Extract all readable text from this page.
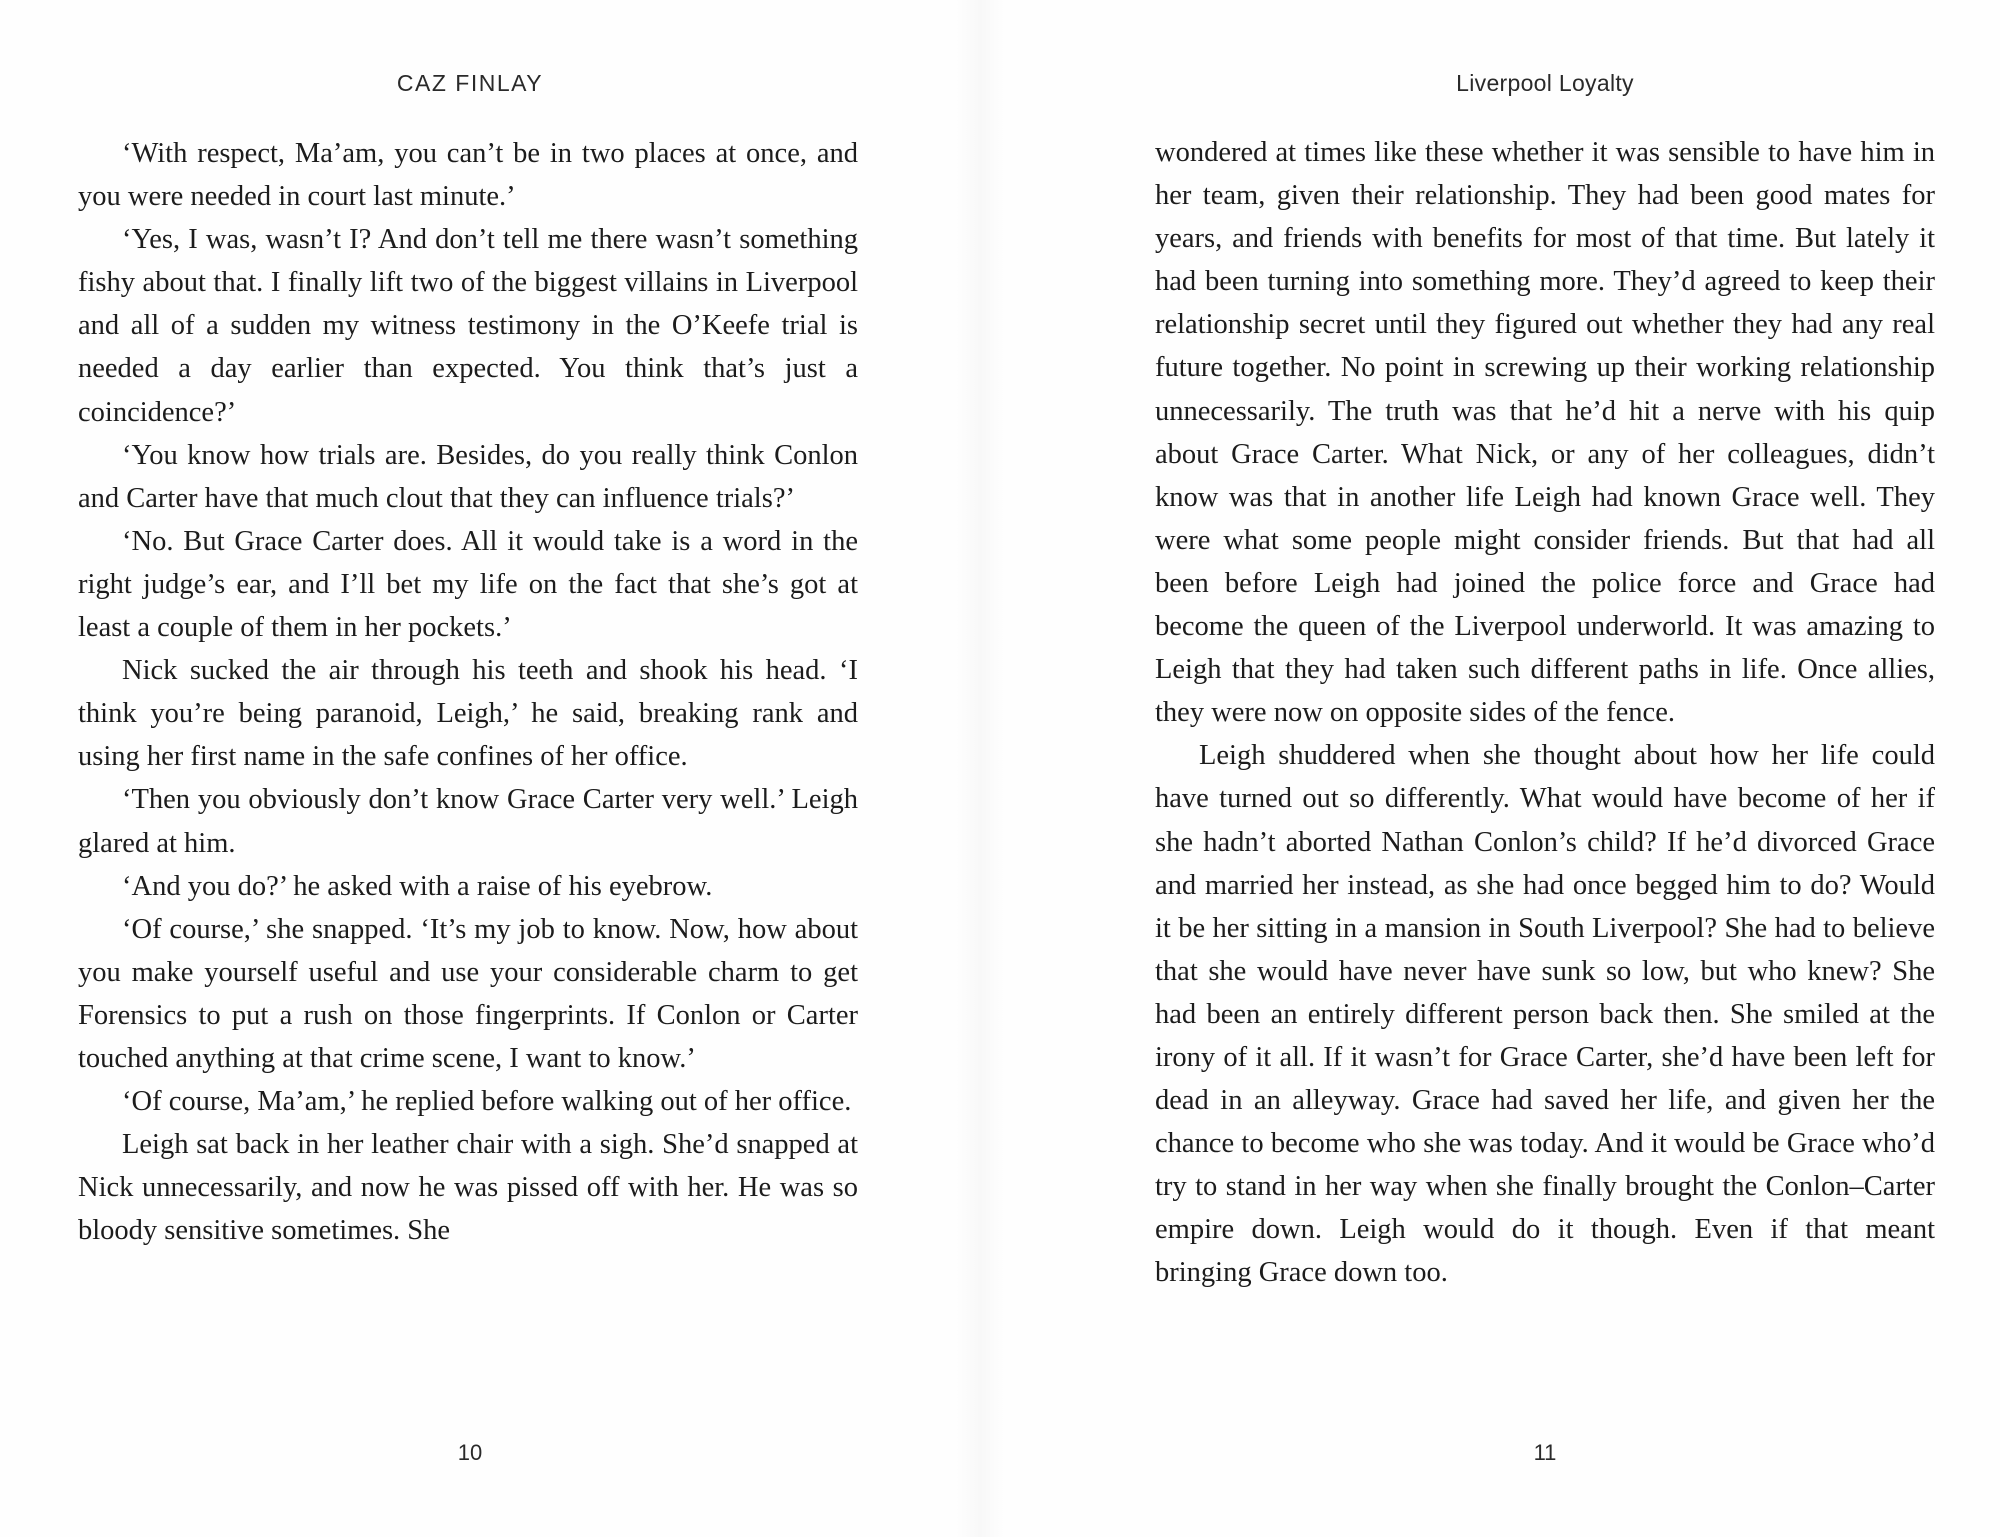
CAZ FINLAY

‘With respect, Ma’am, you can’t be in two places at once, and you were needed in court last minute.’

‘Yes, I was, wasn’t I? And don’t tell me there wasn’t something fishy about that. I finally lift two of the biggest villains in Liverpool and all of a sudden my witness testimony in the O’Keefe trial is needed a day earlier than expected. You think that’s just a coincidence?’

‘You know how trials are. Besides, do you really think Conlon and Carter have that much clout that they can influence trials?’

‘No. But Grace Carter does. All it would take is a word in the right judge’s ear, and I’ll bet my life on the fact that she’s got at least a couple of them in her pockets.’

Nick sucked the air through his teeth and shook his head. ‘I think you’re being paranoid, Leigh,’ he said, breaking rank and using her first name in the safe confines of her office.

‘Then you obviously don’t know Grace Carter very well.’ Leigh glared at him.

‘And you do?’ he asked with a raise of his eyebrow.

‘Of course,’ she snapped. ‘It’s my job to know. Now, how about you make yourself useful and use your considerable charm to get Forensics to put a rush on those fingerprints. If Conlon or Carter touched anything at that crime scene, I want to know.’

‘Of course, Ma’am,’ he replied before walking out of her office.

Leigh sat back in her leather chair with a sigh. She’d snapped at Nick unnecessarily, and now he was pissed off with her. He was so bloody sensitive sometimes. She

10
Liverpool Loyalty

wondered at times like these whether it was sensible to have him in her team, given their relationship. They had been good mates for years, and friends with benefits for most of that time. But lately it had been turning into something more. They’d agreed to keep their relationship secret until they figured out whether they had any real future together. No point in screwing up their working relationship unnecessarily. The truth was that he’d hit a nerve with his quip about Grace Carter. What Nick, or any of her colleagues, didn’t know was that in another life Leigh had known Grace well. They were what some people might consider friends. But that had all been before Leigh had joined the police force and Grace had become the queen of the Liverpool underworld. It was amazing to Leigh that they had taken such different paths in life. Once allies, they were now on opposite sides of the fence.

Leigh shuddered when she thought about how her life could have turned out so differently. What would have become of her if she hadn’t aborted Nathan Conlon’s child? If he’d divorced Grace and married her instead, as she had once begged him to do? Would it be her sitting in a mansion in South Liverpool? She had to believe that she would have never have sunk so low, but who knew? She had been an entirely different person back then. She smiled at the irony of it all. If it wasn’t for Grace Carter, she’d have been left for dead in an alleyway. Grace had saved her life, and given her the chance to become who she was today. And it would be Grace who’d try to stand in her way when she finally brought the Conlon–Carter empire down. Leigh would do it though. Even if that meant bringing Grace down too.

11
